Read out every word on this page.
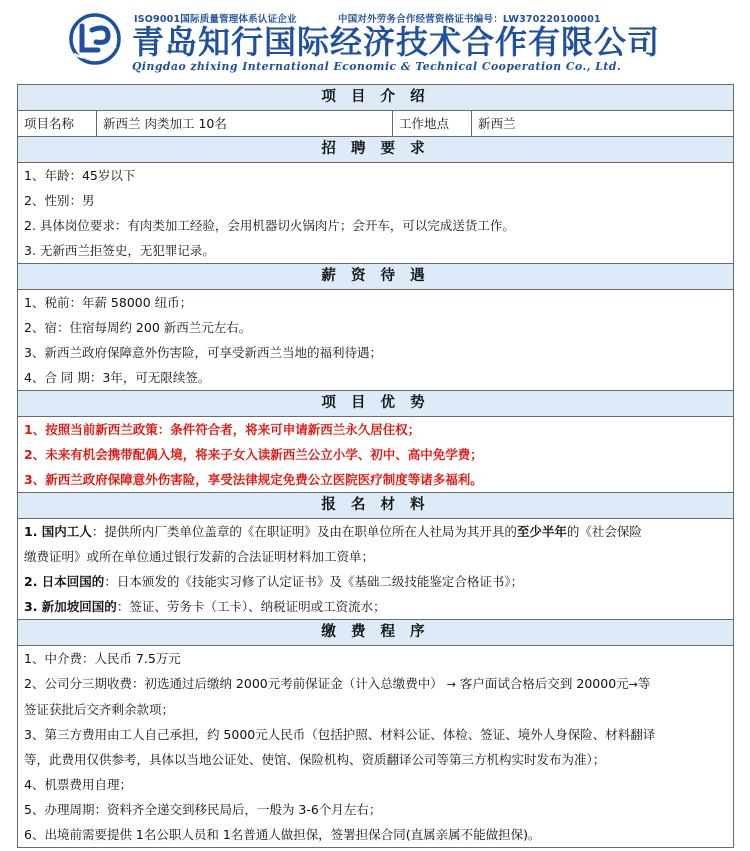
ISO9001国际质量管理体系认证企业	中国对外劳务合作经营资格证书编号：LW370220100001
青岛知行国际经济技术合作有限公司
Qingdao zhixing International Economic & Technical Cooperation Co., Ltd.
项 目 介 绍
项目名称	新西兰 肉类加工 10名	工作地点	新西兰
招 聘 要 求

1、年龄：45岁以下

2、性别：男

2. 具体岗位要求：有肉类加工经验，会用机器切火锅肉片；会开车，可以完成送货工作。

3. 无新西兰拒签史，无犯罪记录。

薪 资 待 遇

1、税前：年薪 58000 纽币；

2、宿：住宿每周约 200 新西兰元左右。

3、新西兰政府保障意外伤害险，可享受新西兰当地的福利待遇；

4、合 同 期：3年，可无限续签。

项 目 优 势

1、按照当前新西兰政策：条件符合者，将来可申请新西兰永久居住权；

2、未来有机会携带配偶入境，将来子女入读新西兰公立小学、初中、高中免学费；

3、新西兰政府保障意外伤害险，享受法律规定免费公立医院医疗制度等诸多福利。

报 名 材 料

1. 国内工人：提供所内厂类单位盖章的《在职证明》及由在职单位所在人社局为其开具的至少半年的《社会保险

缴费证明》或所在单位通过银行发薪的合法证明材料加工资单；

2. 日本回国的：日本颁发的《技能实习修了认定证书》及《基础二级技能鉴定合格证书》；

3. 新加坡回国的：签证、劳务卡（工卡）、纳税证明或工资流水；

缴 费 程 序

1、中介费：人民币 7.5万元

2、公司分三期收费：初选通过后缴纳 2000元考前保证金（计入总缴费中） → 客户面试合格后交到 20000元→等

签证获批后交齐剩余款项；

3、第三方费用由工人自己承担，约 5000元人民币（包括护照、材料公证、体检、签证、境外人身保险、材料翻译

等，此费用仅供参考，具体以当地公证处、使馆、保险机构、资质翻译公司等第三方机构实时发布为准）；

4、机票费用自理；

5、办理周期：资料齐全递交到移民局后，一般为 3-6个月左右；

6、出境前需要提供 1名公职人员和 1名普通人做担保，签署担保合同(直属亲属不能做担保)。
